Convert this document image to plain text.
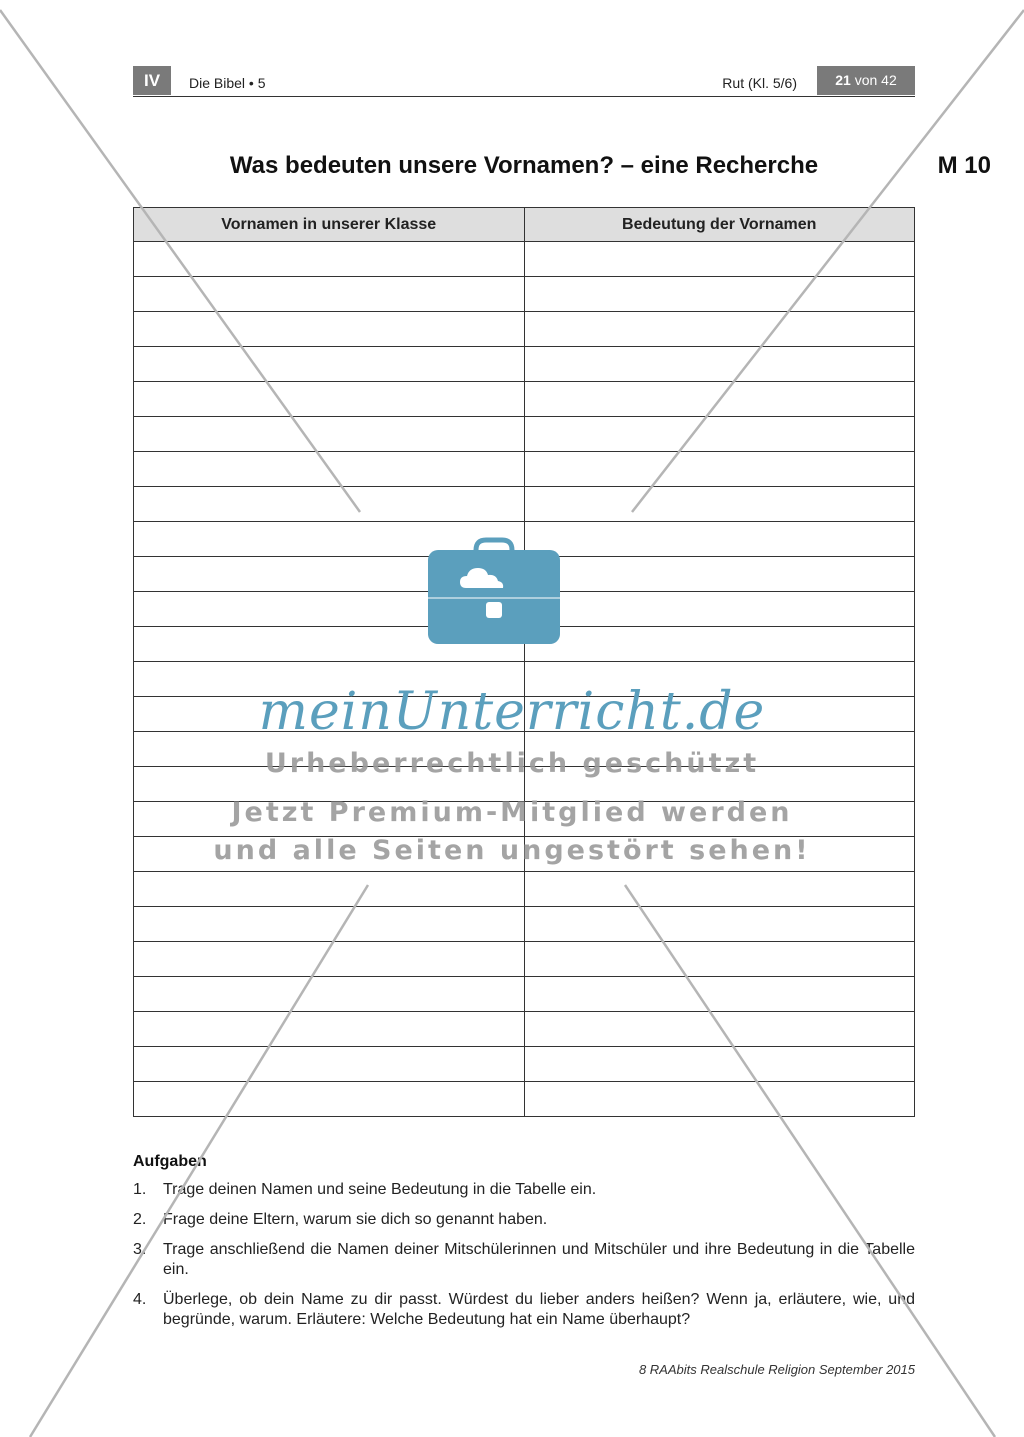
IV	Die Bibel • 5	Rut (Kl. 5/6)	21 von 42
Was bedeuten unsere Vornamen? – eine Recherche	M 10
Vornamen in unserer Klasse	Bedeutung der Vornamen

Aufgaben
1.	Trage deinen Namen und seine Bedeutung in die Tabelle ein.
2.	Frage deine Eltern, warum sie dich so genannt haben.
3.	Trage anschließend die Namen deiner Mitschülerinnen und Mitschüler und ihre Bedeutung in die Tabelle ein.
4.	Überlege, ob dein Name zu dir passt. Würdest du lieber anders heißen? Wenn ja, erläutere, wie, und begründe, warum. Erläutere: Welche Bedeutung hat ein Name überhaupt?
8 RAAbits Realschule Religion September 2015
meinUnterricht.de
Urheberrechtlich geschützt
Jetzt Premium-Mitglied werden
und alle Seiten ungestört sehen!
